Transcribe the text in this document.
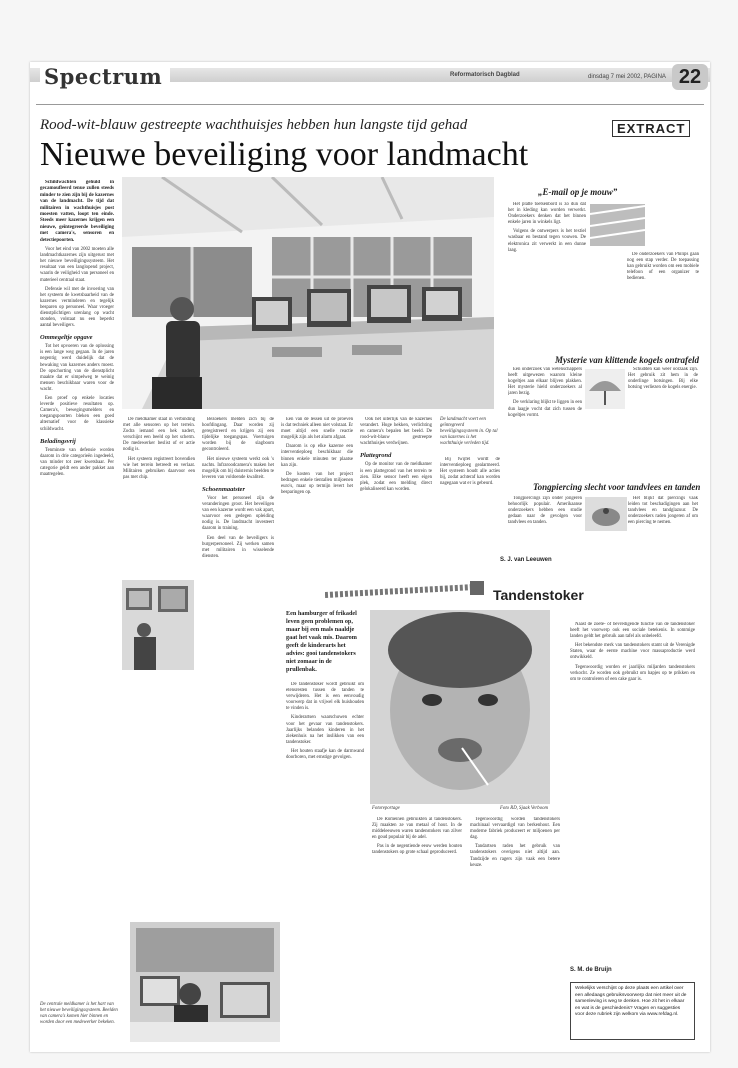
Spectrum	Reformatorisch Dagblad	dinsdag 7 mei 2002, PAGINA 22
Rood-wit-blauw gestreepte wachthuisjes hebben hun langste tijd gehad	EXTRACT
Nieuwe beveiliging voor landmacht

Schildwachten gehuld in gecamoufleerd tenue zullen steeds minder te zien zijn bij de kazernes van de landmacht. De tijd dat militairen in wachthuisjes post moesten vatten, loopt ten einde. Steeds meer kazernes krijgen een nieuwe, geïntegreerde beveiliging met camera's, sensoren en detectiepoorten.

Voor het eind van 2002 moeten alle landmachtkazernes zijn uitgerust met het nieuwe beveiligingssysteem. Het resultaat van een langlopend project, waarin de veiligheid van personeel en materieel centraal staat.

Defensie wil met de invoering van het systeem de kwetsbaarheid van de kazernes verminderen en tegelijk besparen op personeel. Waar vroeger dienstplichtigen urenlang op wacht stonden, volstaat nu een beperkt aantal beveiligers.

Ommegeltje opgave

Tot het opvoeren van de oplossing is een lange weg gegaan. In de jaren negentig werd duidelijk dat de bewaking van kazernes anders moest. De opschorting van de dienstplicht maakte dat er simpelweg te weinig mensen beschikbaar waren voor de wacht.

Een proef op enkele locaties leverde positieve resultaten op. Camera's, bewegingsmelders en toegangspoorten bleken een goed alternatief voor de klassieke schildwacht.

Beladingsvrij

Tenminste van defensie worden daarom in drie categorieën ingedeeld, van minder tot zeer kwetsbaar. Per categorie geldt een ander pakket aan maatregelen.

De meldkamer staat in verbinding met alle sensoren op het terrein. Zodra iemand een hek nadert, verschijnt een beeld op het scherm. De medewerker beslist of er actie nodig is.

Het systeem registreert bovendien wie het terrein betreedt en verlaat. Militairen gebruiken daarvoor een pas met chip.

Bezoekers melden zich bij de hoofdingang. Daar worden zij geregistreerd en krijgen zij een tijdelijke toegangspas. Voertuigen worden bij de slagboom gecontroleerd.

Het nieuwe systeem werkt ook 's nachts. Infraroodcamera's maken het mogelijk om bij duisternis beelden te leveren van voldoende kwaliteit.

Schoenmaatster

Voor het personeel zijn de veranderingen groot. Het beveiligen van een kazerne wordt een vak apart, waarvoor een gedegen opleiding nodig is. De landmacht investeert daarom in training.

Een deel van de beveiligers is burgerpersoneel. Zij werken samen met militairen in wisselende diensten.

Een van de lessen uit de proeven is dat techniek alleen niet volstaat. Er moet altijd een snelle reactie mogelijk zijn als het alarm afgaat.

Daarom is op elke kazerne een interventieploeg beschikbaar die binnen enkele minuten ter plaatse kan zijn.

De kosten van het project bedragen enkele tientallen miljoenen euro's, maar op termijn levert het besparingen op.

Ook het uiterlijk van de kazernes verandert. Hoge hekken, verlichting en camera's bepalen het beeld. De rood-wit-blauw gestreepte wachthuisjes verdwijnen.

Plattegrond

Op de monitor van de meldkamer is een plattegrond van het terrein te zien. Elke sensor heeft een eigen plek, zodat een melding direct gelokaliseerd kan worden.

De landmacht voert een geïntegreerd beveiligingssysteem in. Op tal van kazernes is het wachthuisje verleden tijd.

Bij twijfel wordt de interventieploeg gealarmeerd. Het systeem houdt alle acties bij, zodat achteraf kan worden nagegaan wat er is gebeurd.

S. J. van Leeuwen
De centrale meldkamer is het hart van het nieuwe beveiligingssysteem. Beelden van camera's komen hier binnen en worden door een medewerker bekeken.
„E-mail op je mouw”

Het platte toetsenbord is zo dun dat het in kleding kan worden verwerkt. Onderzoekers denken dat het binnen enkele jaren in winkels ligt.

Volgens de ontwerpers is het textiel wasbaar en bestand tegen vouwen. De elektronica zit verwerkt in een dunne laag.

De onderzoekers van Philips gaan nog een stap verder. De toepassing kan gebruikt worden om een mobiele telefoon of een organizer te bedienen.

Mysterie van klittende kogels ontrafeld

Een onderzoek van wetenschappers heeft uitgewezen waarom kleine kogeltjes aan elkaar blijven plakken. Het mysterie hield onderzoekers al jaren bezig.

De verklaring blijkt te liggen in een dun laagje vocht dat zich tussen de kogeltjes vormt.

Schudden kan weer oorzaak zijn. Het gebruik zit hem in de onderlinge botsingen. Bij elke botsing verliezen de kogels energie.

Tongpiercing slecht voor tandvlees en tanden

Tongpiercings zijn onder jongeren behoorlijk populair. Amerikaanse onderzoekers hebben een studie gedaan naar de gevolgen voor tandvlees en tanden.

Het blijkt dat piercings vaak leiden tot beschadigingen aan het tandvlees en tandglazuur. De onderzoekers raden jongeren af om een piercing te nemen.

Tandenstoker
Foto RD, Sjaak Verboom
Een hamburger of frikadel leven geen problemen op, maar bij een mals naaldje gaat het vaak mis. Daarom geeft de kinderarts het advies: gooi tandenstokers niet zomaar in de prullenbak.

De tandenstoker wordt gebruikt om etensresten tussen de tanden te verwijderen. Het is een eenvoudig voorwerp dat in vrijwel elk huishouden te vinden is.

Kinderartsen waarschuwen echter voor het gevaar van tandenstokers. Jaarlijks belanden kinderen in het ziekenhuis na het inslikken van een tandenstoker.

Het houten staafje kan de darmwand doorboren, met ernstige gevolgen.

Fotoreportage

De Romeinen gebruikten al tandenstokers. Zij maakten ze van metaal of hout. In de middeleeuwen waren tandenstokers van zilver en goud populair bij de adel.

Pas in de negentiende eeuw werden houten tandenstokers op grote schaal geproduceerd.

Tegenwoordig worden tandenstokers machinaal vervaardigd van berkenhout. Een moderne fabriek produceert er miljoenen per dag.

Tandartsen raden het gebruik van tandenstokers overigens niet altijd aan. Tandzijde en ragers zijn vaak een betere keuze.

Naast de zoete- of bevredigende functie van de tandenstoker heeft het voorwerp ook een sociale betekenis. In sommige landen geldt het gebruik aan tafel als onbeleefd.

Het bekendste merk van tandenstokers stamt uit de Verenigde Staten, waar de eerste machine voor massaproductie werd ontwikkeld.

Tegenwoordig worden er jaarlijks miljarden tandenstokers verkocht. Ze worden ook gebruikt om hapjes op te prikken en om te controleren of een cake gaar is.

S. M. de Bruijn
Wekelijks verschijnt op deze plaats een artikel over een alledaags gebruiksvoorwerp dat niet meer uit de samenleving is weg te denken. Hoe zit het in elkaar en wat is de geschiedenis? Vragen en suggesties voor deze rubriek zijn welkom via www.refdag.nl.
